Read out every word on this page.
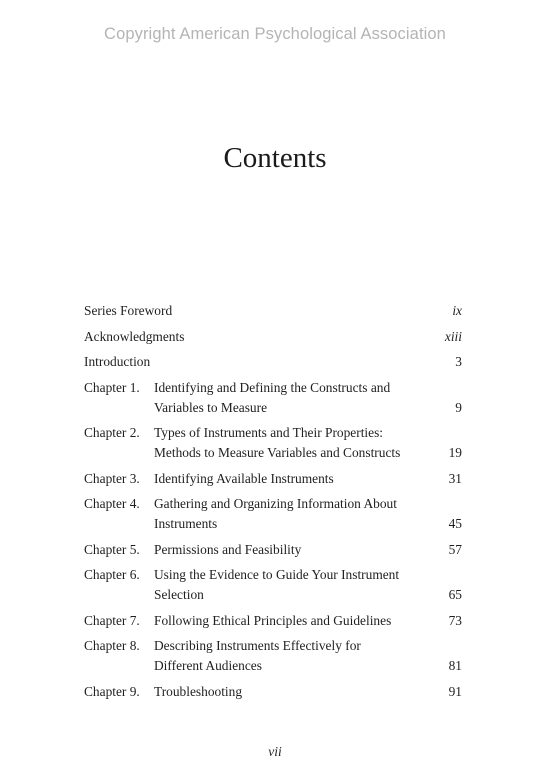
Copyright American Psychological Association
Contents
Series Foreword	ix
Acknowledgments	xiii
Introduction	3
Chapter 1. Identifying and Defining the Constructs and
Variables to Measure	9
Chapter 2. Types of Instruments and Their Properties:
Methods to Measure Variables and Constructs	19
Chapter 3. Identifying Available Instruments	31
Chapter 4. Gathering and Organizing Information About
Instruments	45
Chapter 5. Permissions and Feasibility	57
Chapter 6. Using the Evidence to Guide Your Instrument
Selection	65
Chapter 7. Following Ethical Principles and Guidelines	73
Chapter 8. Describing Instruments Effectively for
Different Audiences	81
Chapter 9. Troubleshooting	91
vii
